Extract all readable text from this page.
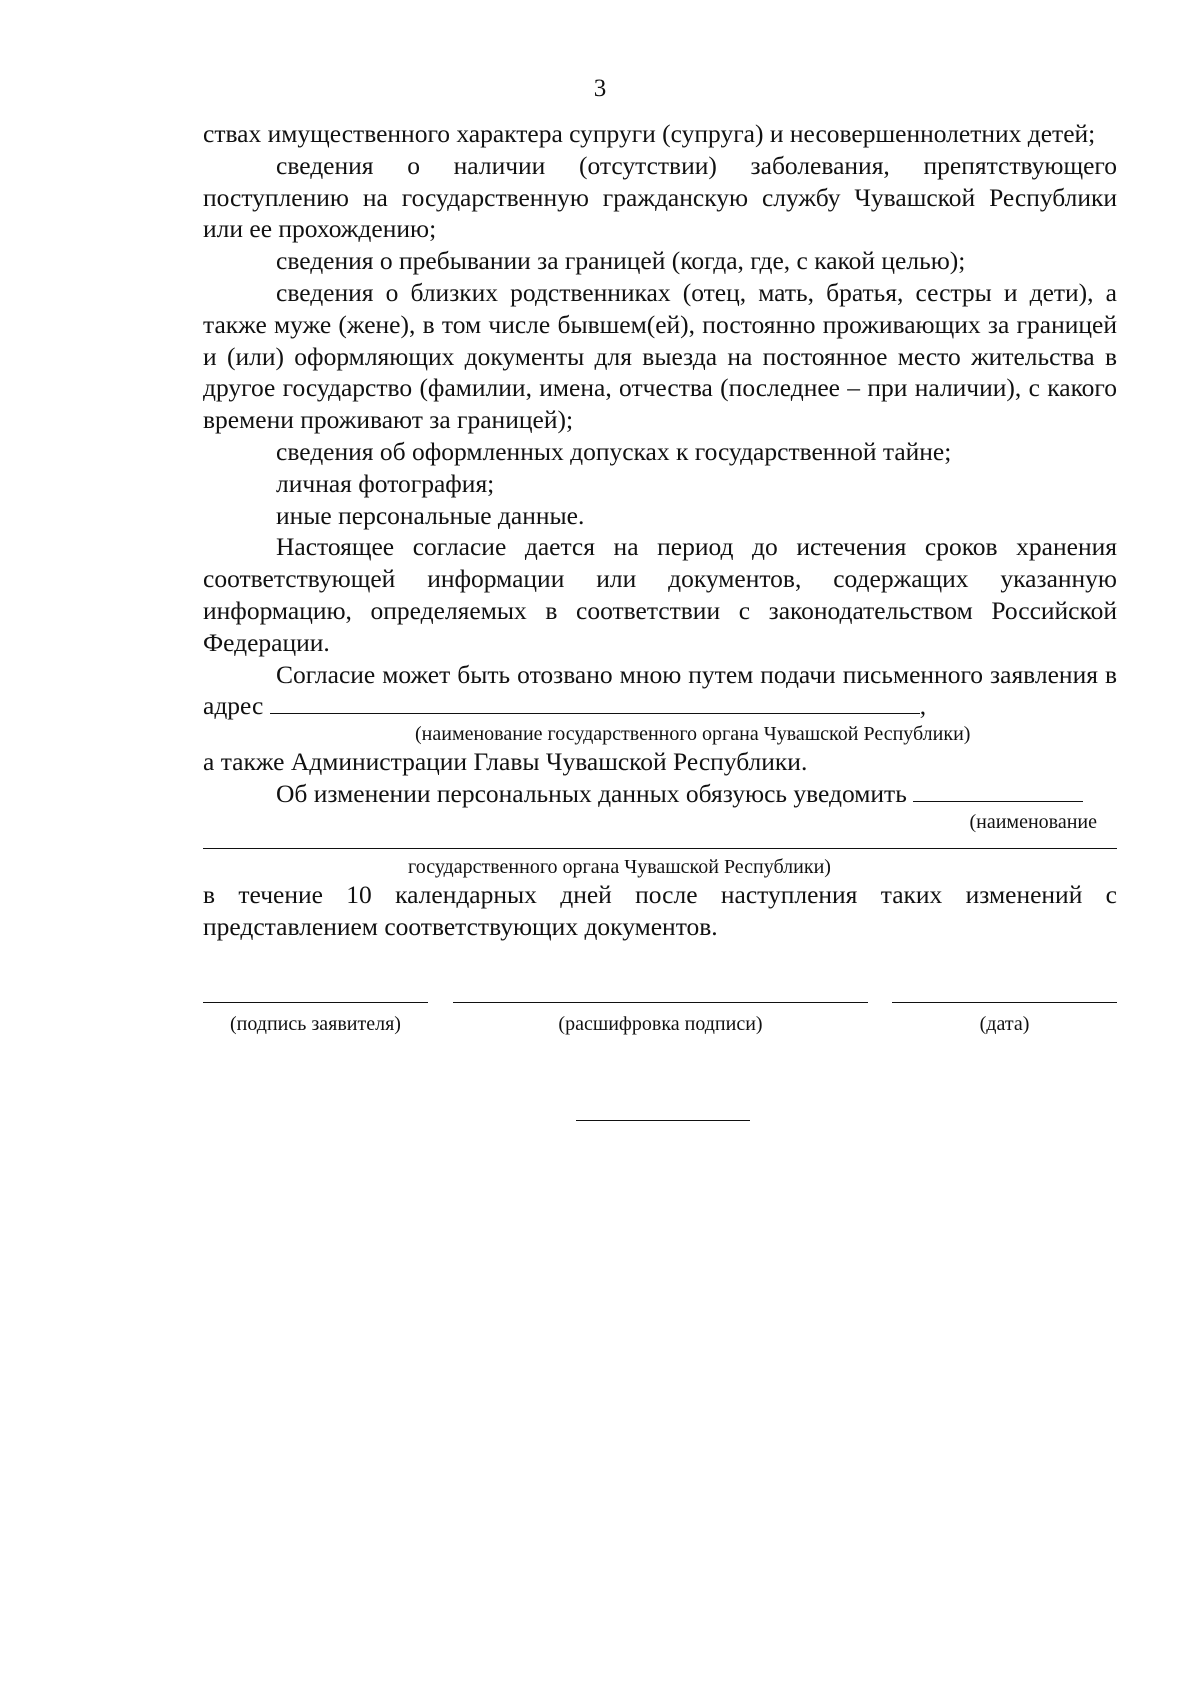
3

ствах имущественного характера супруги (супруга) и несовершеннолетних детей;

сведения о наличии (отсутствии) заболевания, препятствующего поступлению на государственную гражданскую службу Чувашской Республики или ее прохождению;

сведения о пребывании за границей (когда, где, с какой целью);

сведения о близких родственниках (отец, мать, братья, сестры и дети), а также муже (жене), в том числе бывшем(ей), постоянно проживающих за границей и (или) оформляющих документы для выезда на постоянное место жительства в другое государство (фамилии, имена, отчества (последнее – при наличии), с какого времени проживают за границей);

сведения об оформленных допусках к государственной тайне;

личная фотография;

иные персональные данные.

Настоящее согласие дается на период до истечения сроков хранения соответствующей информации или документов, содержащих указанную информацию, определяемых в соответствии с законодательством Российской Федерации.

Согласие может быть отозвано мною путем подачи письменного заявления в адрес	,

(наименование государственного органа Чувашской Республики)

а также Администрации Главы Чувашской Республики.

Об изменении персональных данных обязуюсь уведомить

(наименование

государственного органа Чувашской Республики)

в течение 10 календарных дней после наступления таких изменений с представлением соответствующих документов.

(подпись заявителя)	(расшифровка подписи)	(дата)
